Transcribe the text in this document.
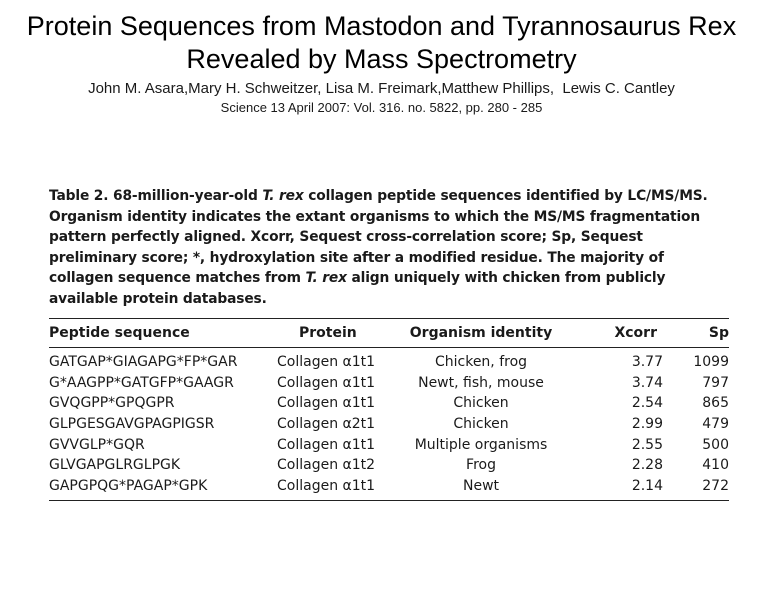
Protein Sequences from Mastodon and Tyrannosaurus Rex Revealed by Mass Spectrometry
John M. Asara,Mary H. Schweitzer, Lisa M. Freimark,Matthew Phillips,  Lewis C. Cantley
Science 13 April 2007: Vol. 316. no. 5822, pp. 280 - 285

Table 2. 68-million-year-old T. rex collagen peptide sequences identified by LC/MS/MS. Organism identity indicates the extant organisms to which the MS/MS fragmentation pattern perfectly aligned. Xcorr, Sequest cross-correlation score; Sp, Sequest preliminary score; *, hydroxylation site after a modified residue. The majority of collagen sequence matches from T. rex align uniquely with chicken from publicly available protein databases.

Peptide sequence	Protein	Organism identity	Xcorr	Sp
GATGAP*GIAGAPG*FP*GAR	Collagen α1t1	Chicken, frog	3.77	1099
G*AAGPP*GATGFP*GAAGR	Collagen α1t1	Newt, fish, mouse	3.74	797
GVQGPP*GPQGPR	Collagen α1t1	Chicken	2.54	865
GLPGESGAVGPAGPIGSR	Collagen α2t1	Chicken	2.99	479
GVVGLP*GQR	Collagen α1t1	Multiple organisms	2.55	500
GLVGAPGLRGLPGK	Collagen α1t2	Frog	2.28	410
GAPGPQG*PAGAP*GPK	Collagen α1t1	Newt	2.14	272
